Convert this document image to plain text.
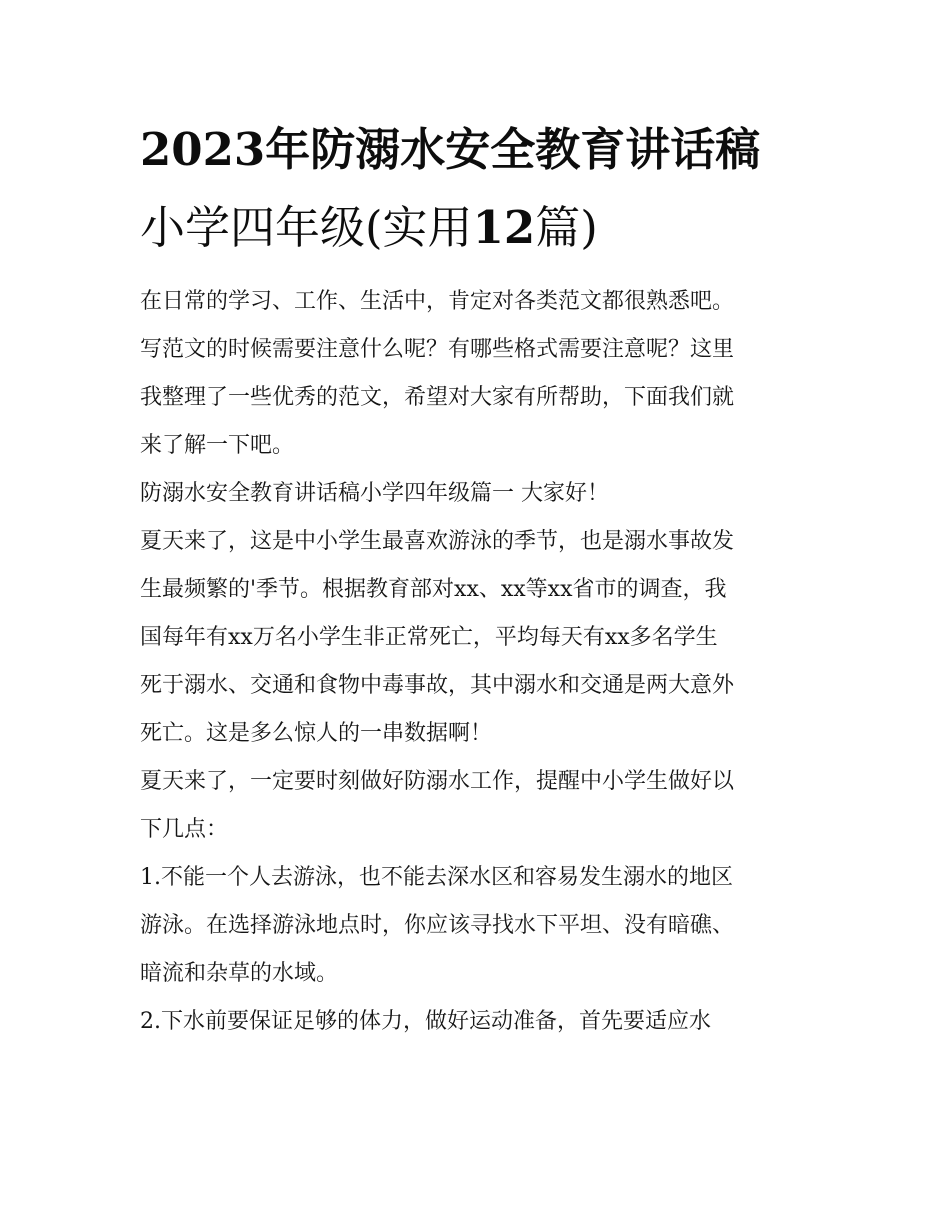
2023年防溺水安全教育讲话稿
小学四年级(实用12篇)

在日常的学习、工作、生活中，肯定对各类范文都很熟悉吧。

写范文的时候需要注意什么呢？有哪些格式需要注意呢？这里

我整理了一些优秀的范文，希望对大家有所帮助，下面我们就

来了解一下吧。

防溺水安全教育讲话稿小学四年级篇一 大家好！

夏天来了，这是中小学生最喜欢游泳的季节，也是溺水事故发

生最频繁的'季节。根据教育部对xx、xx等xx省市的调查，我

国每年有xx万名小学生非正常死亡，平均每天有xx多名学生

死于溺水、交通和食物中毒事故，其中溺水和交通是两大意外

死亡。这是多么惊人的一串数据啊！

夏天来了，一定要时刻做好防溺水工作，提醒中小学生做好以

下几点：

1.不能一个人去游泳，也不能去深水区和容易发生溺水的地区

游泳。在选择游泳地点时，你应该寻找水下平坦、没有暗礁、

暗流和杂草的水域。

2.下水前要保证足够的体力，做好运动准备，首先要适应水
